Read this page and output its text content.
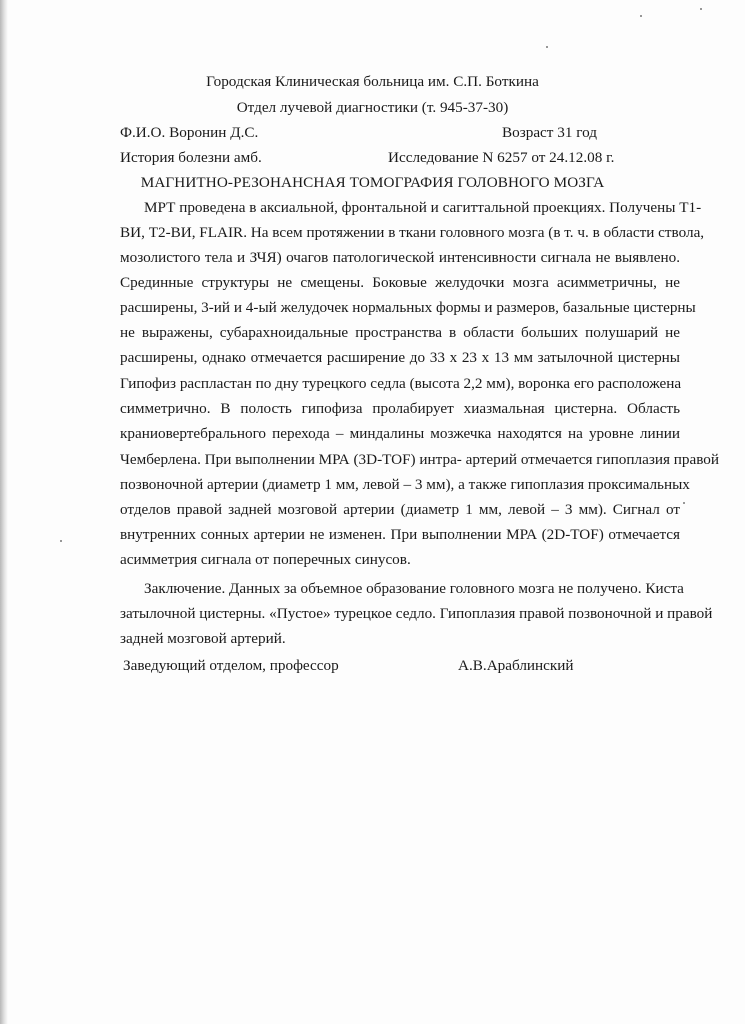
Городская Клиническая больница им. С.П. Боткина
Отдел лучевой диагностики (т. 945-37-30)
Ф.И.О. Воронин Д.С.	Возраст 31 год
История болезни амб.	Исследование N 6257 от 24.12.08 г.
МАГНИТНО-РЕЗОНАНСНАЯ ТОМОГРАФИЯ ГОЛОВНОГО МОЗГА
МРТ проведена в аксиальной, фронтальной и сагиттальной проекциях. Получены Т1-
ВИ, Т2-ВИ, FLAIR. На всем протяжении в ткани головного мозга (в т. ч. в области ствола,
мозолистого тела и ЗЧЯ) очагов патологической интенсивности сигнала не выявлено.
Срединные структуры не смещены. Боковые желудочки мозга асимметричны, не
расширены, 3-ий и 4-ый желудочек нормальных формы и размеров, базальные цистерны
не выражены, субарахноидальные пространства в области больших полушарий не
расширены, однако отмечается расширение до 33 х 23 х 13 мм затылочной цистерны
Гипофиз распластан по дну турецкого седла (высота 2,2 мм), воронка его расположена
симметрично. В полость гипофиза пролабирует хиазмальная цистерна. Область
краниовертебрального перехода – миндалины мозжечка находятся на уровне линии
Чемберлена. При выполнении МРА (3D-TOF) интра- артерий отмечается гипоплазия правой
позвоночной артерии (диаметр 1 мм, левой – 3 мм), а также гипоплазия проксимальных
отделов правой задней мозговой артерии (диаметр 1 мм, левой – 3 мм). Сигнал от
внутренних сонных артерии не изменен. При выполнении МРА (2D-TOF) отмечается
асимметрия сигнала от поперечных синусов.
Заключение. Данных за объемное образование головного мозга не получено. Киста
затылочной цистерны. «Пустое» турецкое седло. Гипоплазия правой позвоночной и правой
задней мозговой артерий.
Заведующий отделом, профессор	А.В.Араблинский
